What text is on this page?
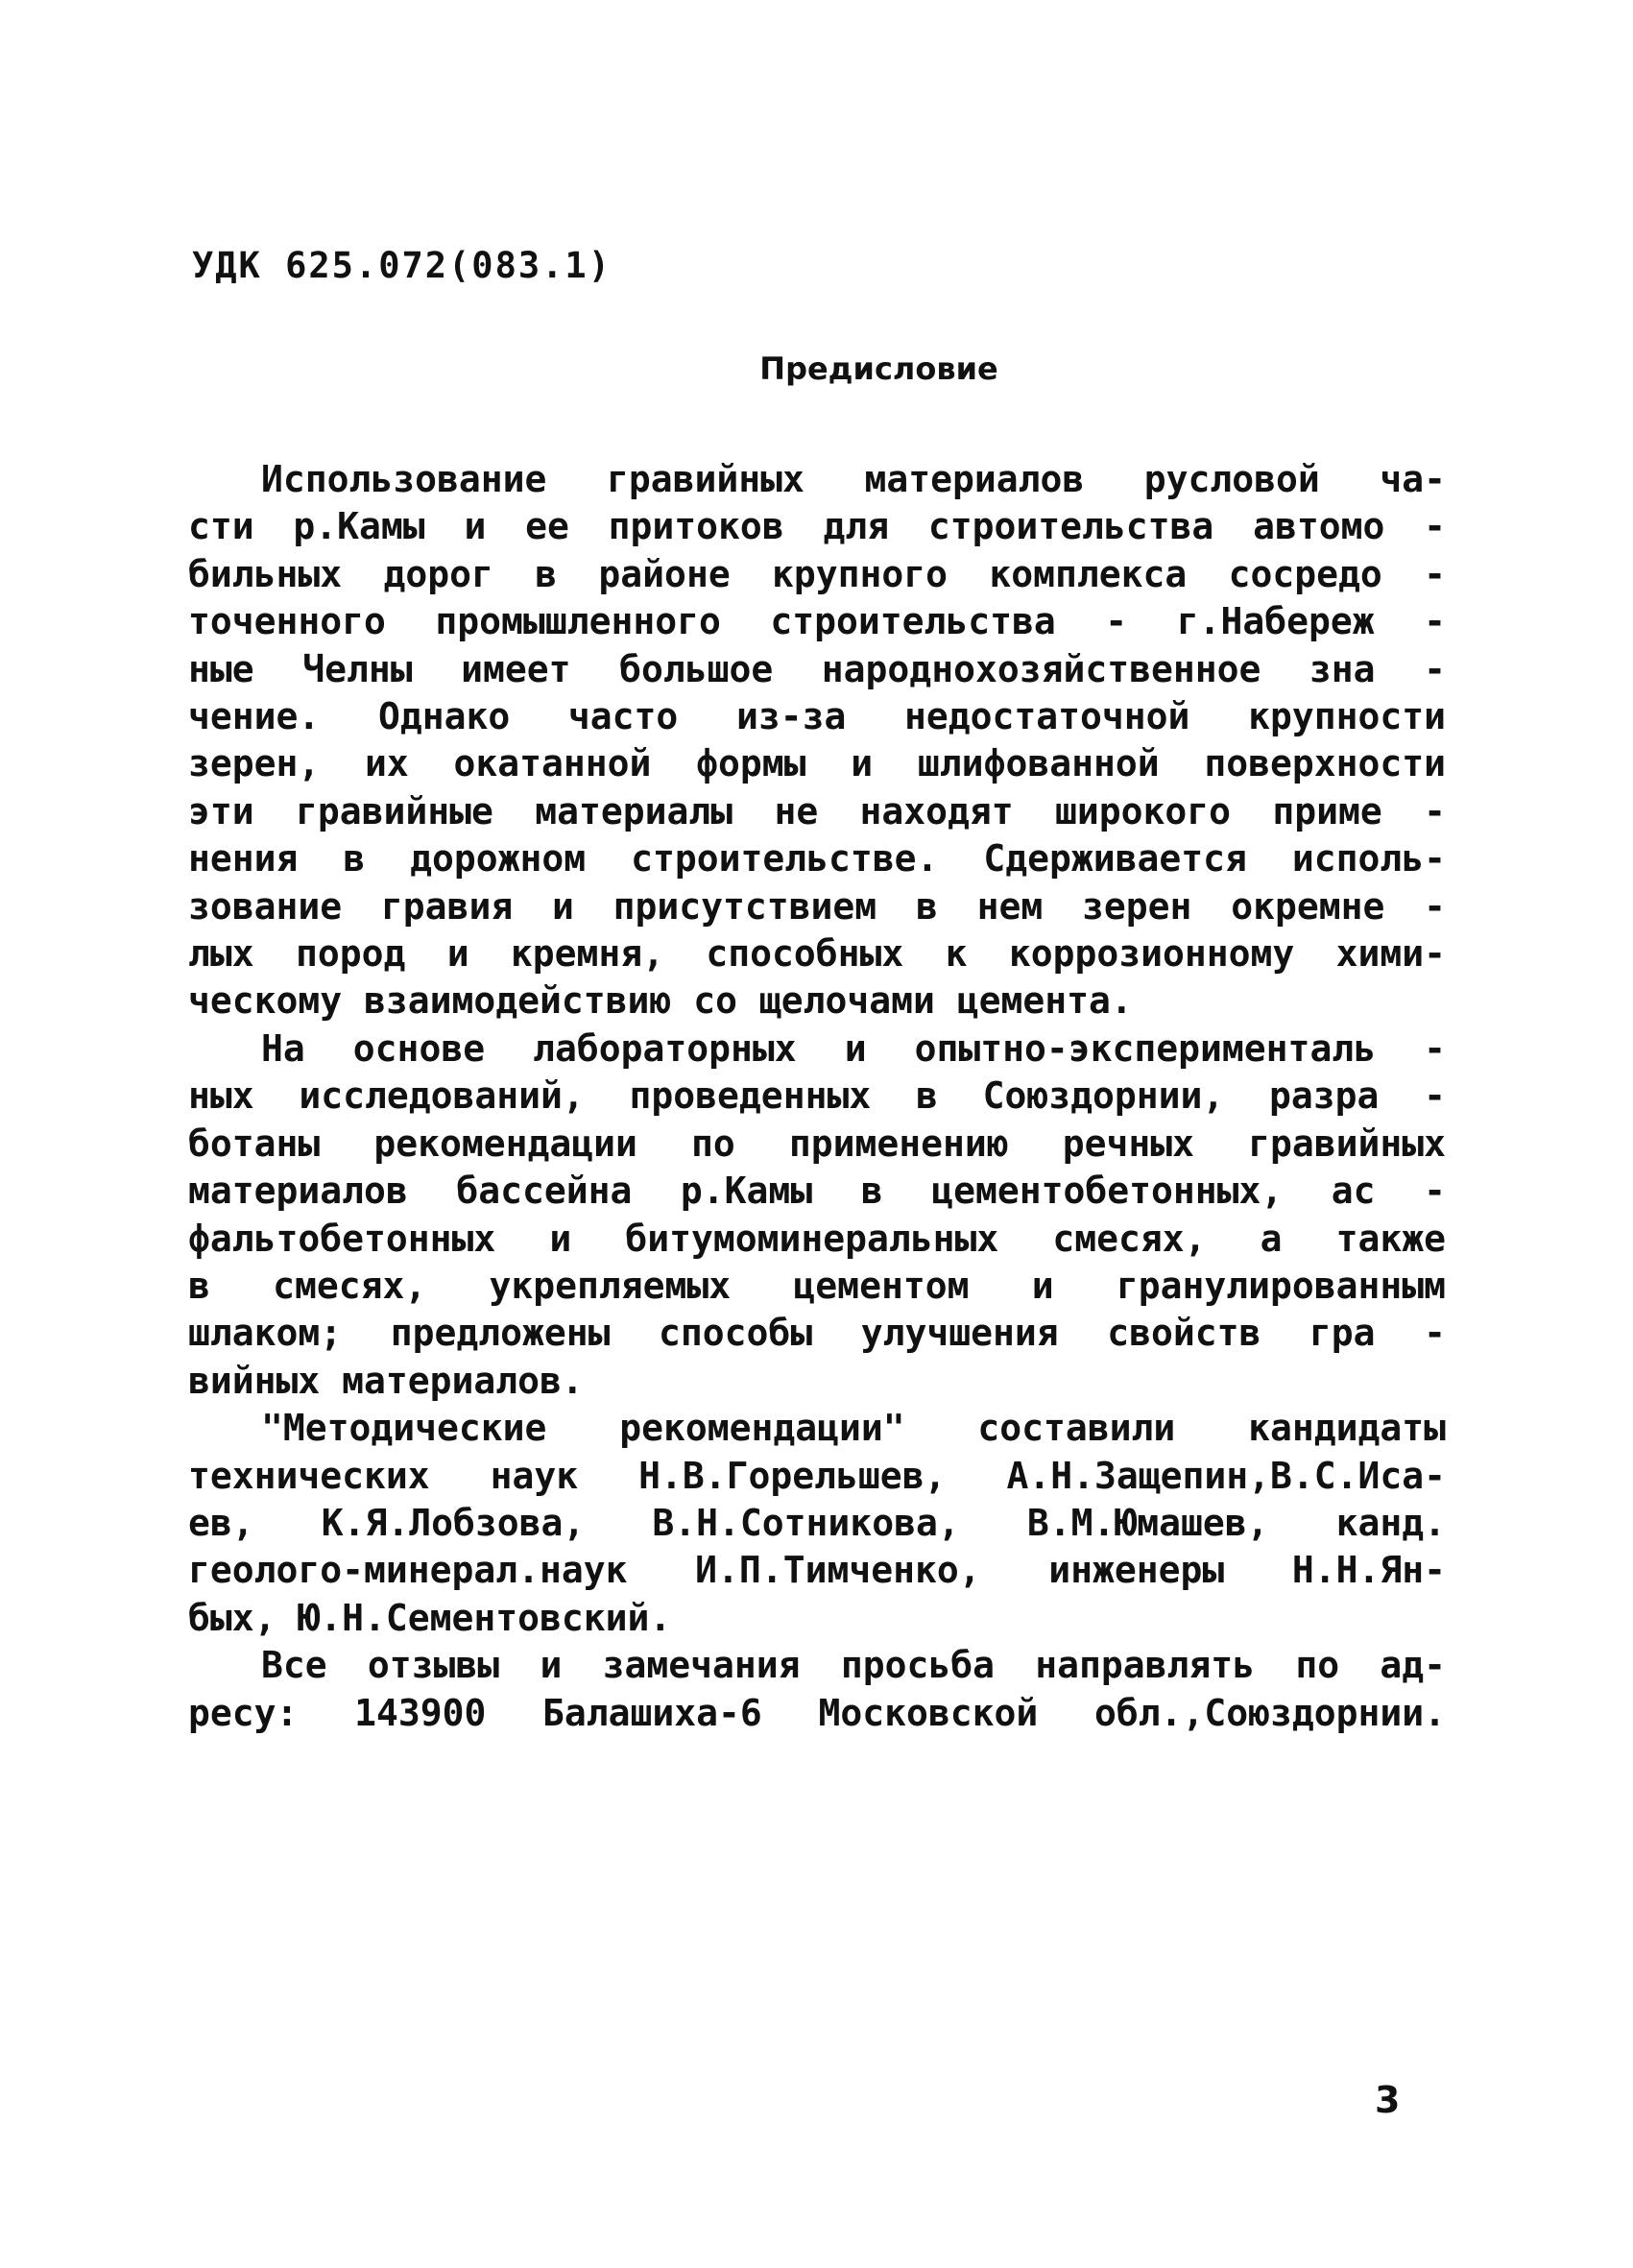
УДК 625.072(083.1)
Предисловие
Использование гравийных материалов русловой ча-
сти р.Камы и ее притоков для строительства автомо -
бильных дорог в районе крупного комплекса сосредо -
точенного промышленного строительства - г.Набереж -
ные Челны имеет большое народнохозяйственное зна -
чение. Однако часто из-за недостаточной крупности
зерен, их окатанной формы и шлифованной поверхности
эти гравийные материалы не находят широкого приме -
нения в дорожном строительстве. Сдерживается исполь-
зование гравия и присутствием в нем зерен окремне -
лых пород и кремня, способных к коррозионному хими-
ческому взаимодействию со щелочами цемента.
На основе лабораторных и опытно-эксперименталь -
ных исследований, проведенных в Союздорнии, разра -
ботаны рекомендации по применению речных гравийных
материалов бассейна р.Камы в цементобетонных, ас -
фальтобетонных и битумоминеральных смесях, а также
в смесях, укрепляемых цементом и гранулированным
шлаком; предложены способы улучшения свойств гра -
вийных материалов.
"Методические рекомендации" составили кандидаты
технических наук Н.В.Горельшев, А.Н.Защепин,В.С.Иса-
ев, К.Я.Лобзова, В.Н.Сотникова, В.М.Юмашев, канд.
геолого-минерал.наук И.П.Тимченко, инженеры Н.Н.Ян-
бых, Ю.Н.Сементовский.
Все отзывы и замечания просьба направлять по ад-
ресу: 143900 Балашиха-6 Московской обл.,Союздорнии.
3
